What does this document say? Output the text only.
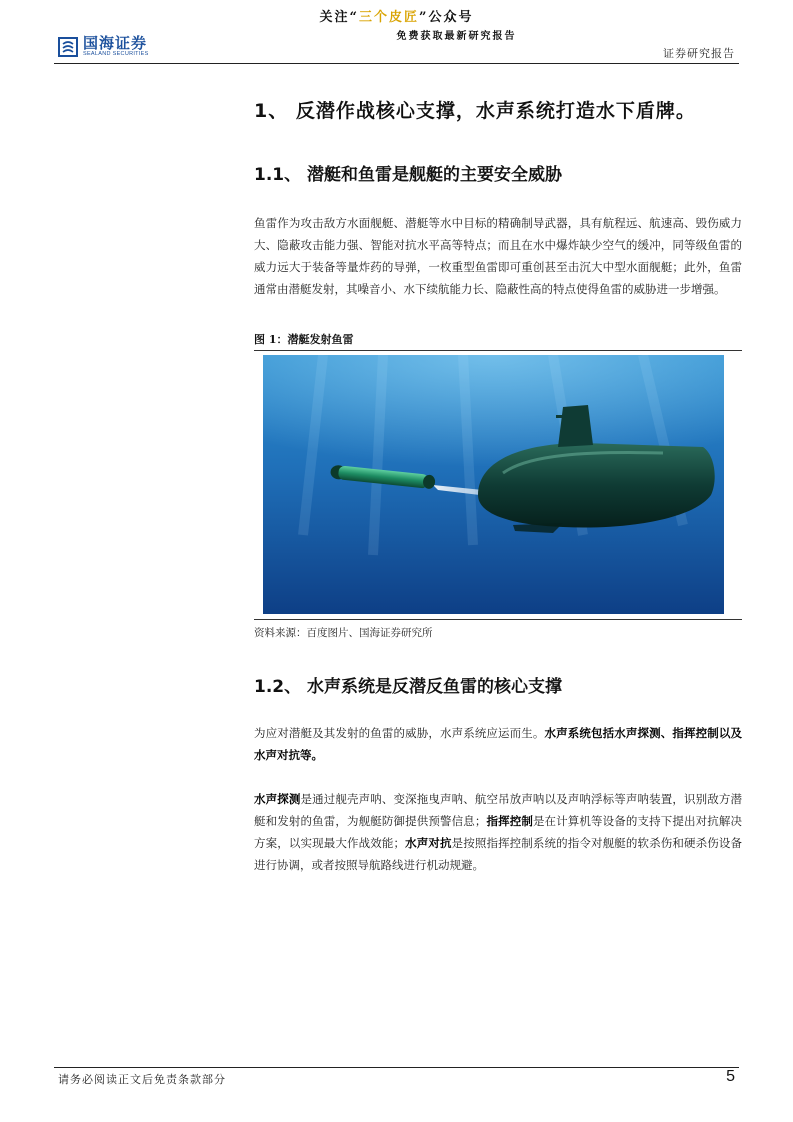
关注“三个皮匠”公众号
免费获取最新研究报告
国海证券
SEALAND SECURITIES	证券研究报告
1、 反潜作战核心支撑，水声系统打造水下盾牌。
1.1、 潜艇和鱼雷是舰艇的主要安全威胁
鱼雷作为攻击敌方水面舰艇、潜艇等水中目标的精确制导武器，具有航程远、航速高、毁伤威力大、隐蔽攻击能力强、智能对抗水平高等特点；而且在水中爆炸缺少空气的缓冲，同等级鱼雷的威力远大于装备等量炸药的导弹，一枚重型鱼雷即可重创甚至击沉大中型水面舰艇；此外，鱼雷通常由潜艇发射，其噪音小、水下续航能力长、隐蔽性高的特点使得鱼雷的威胁进一步增强。
图 1：潜艇发射鱼雷
资料来源：百度图片、国海证券研究所
1.2、 水声系统是反潜反鱼雷的核心支撑
为应对潜艇及其发射的鱼雷的威胁，水声系统应运而生。水声系统包括水声探测、指挥控制以及水声对抗等。
水声探测是通过舰壳声呐、变深拖曳声呐、航空吊放声呐以及声呐浮标等声呐装置，识别敌方潜艇和发射的鱼雷，为舰艇防御提供预警信息；指挥控制是在计算机等设备的支持下提出对抗解决方案，以实现最大作战效能；水声对抗是按照指挥控制系统的指令对舰艇的软杀伤和硬杀伤设备进行协调，或者按照导航路线进行机动规避。
请务必阅读正文后免责条款部分	5
